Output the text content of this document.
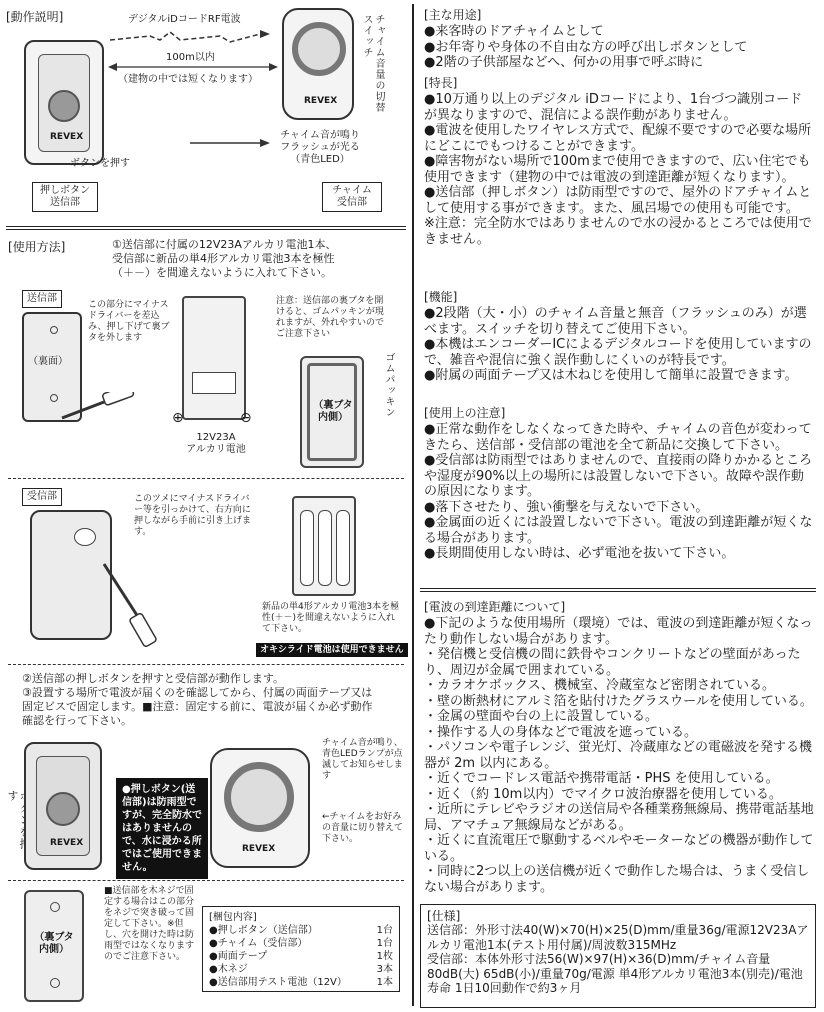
[動作説明]
REVEX
REVEX	チャイム音量の切替スイッチ
デジタルiDコードRF電波
100m以内
（建物の中では短くなります）
チャイム音が鳴り
フラッシュが光る
（青色LED）
ボタンを押す
押しボタン
送信部
チャイム
受信部
[使用方法]	①送信部に付属の12V23Aアルカリ電池1本、
受信部に新品の単4形アルカリ電池3本を極性
（＋－）を間違えないように入れて下さい。
送信部
（裏面）
この部分にマイナスドライバーを差込み、押し下げて裏ブタを外します
⊕	⊖
12V23A
アルカリ電池
注意：送信部の裏ブタを開けると、ゴムパッキンが現れますが、外れやすいのでご注意下さい
ゴムパッキン
（裏ブタ
内側）
受信部	このツメにマイナスドライバー等を引っかけて、右方向に押しながら手前に引き上げます。
新品の単4形アルカリ電池3本を極性(＋－)を間違えないように入れて下さい。
オキシライド電池は使用できません
②送信部の押しボタンを押すと受信部が動作します。
③設置する場所で電波が届くのを確認してから、付属の両面テープ又は
固定ビスで固定します。■注意：固定する前に、電波が届くか必ず動作
確認を行って下さい。
す
REVEX
●押しボタン(送信部)は防雨型ですが、完全防水ではありませんので、水に浸かる所ではご使用できません。
REVEX
チャイム音が鳴り、青色LEDランプが点滅してお知らせします
←チャイムをお好みの音量に切り替えて下さい。
（裏ブタ
内側）
■送信部を木ネジで固定する場合はこの部分をネジで突き破って固定して下さい。※但し、穴を開けた時は防雨型ではなくなりますのでご注意下さい。
[梱包内容]
●押しボタン（送信部）	1台
●チャイム（受信部）	1台
●両面テープ	1枚
●木ネジ	3本
●送信部用テスト電池（12V）	1本
[主な用途]

●来客時のドアチャイムとして

●お年寄りや身体の不自由な方の呼び出しボタンとして

●2階の子供部屋などへ、何かの用事で呼ぶ時に

[特長]

●10万通り以上のデジタル iDコードにより、1台づつ識別コードが異なりますので、混信による誤作動がありません。

●電波を使用したワイヤレス方式で、配線不要ですので必要な場所にどこにでもつけることができます。

●障害物がない場所で100mまで使用できますので、広い住宅でも使用できます（建物の中では電波の到達距離が短くなります）。

●送信部（押しボタン）は防雨型ですので、屋外のドアチャイムとして使用する事ができます。また、風呂場での使用も可能です。

※注意：完全防水ではありませんので水の浸かるところでは使用できません。

[機能]

●2段階（大・小）のチャイム音量と無音（フラッシュのみ）が選べます。スイッチを切り替えてご使用下さい。

●本機はエンコーダーICによるデジタルコードを使用していますので、雑音や混信に強く誤作動しにくいのが特長です。

●附属の両面テープ又は木ねじを使用して簡単に設置できます。

[使用上の注意]

●正常な動作をしなくなってきた時や、チャイムの音色が変わってきたら、送信部・受信部の電池を全て新品に交換して下さい。

●受信部は防雨型ではありませんので、直接雨の降りかかるところや湿度が90%以上の場所には設置しないで下さい。故障や誤作動の原因になります。

●落下させたり、強い衝撃を与えないで下さい。

●金属面の近くには設置しないで下さい。電波の到達距離が短くなる場合があります。

●長期間使用しない時は、必ず電池を抜いて下さい。

[電波の到達距離について]

●下記のような使用場所（環境）では、電波の到達距離が短くなったり動作しない場合があります。

・発信機と受信機の間に鉄骨やコンクリートなどの壁面があったり、周辺が金属で囲まれている。

・カラオケボックス、機械室、冷蔵室など密閉されている。

・壁の断熱材にアルミ箔を貼付けたグラスウールを使用している。

・金属の壁面や台の上に設置している。

・操作する人の身体などで電波を遮っている。

・パソコンや電子レンジ、蛍光灯、冷蔵庫などの電磁波を発する機器が 2m 以内にある。

・近くでコードレス電話や携帯電話・PHS を使用している。

・近く（約 10m以内）でマイクロ波治療器を使用している。

・近所にテレビやラジオの送信局や各種業務無線局、携帯電話基地局、アマチュア無線局などがある。

・近くに直流電圧で駆動するベルやモーターなどの機器が動作している。

・同時に2つ以上の送信機が近くで動作した場合は、うまく受信しない場合があります。

[仕様]

送信部：外形寸法40(W)×70(H)×25(D)mm/重量36g/電源12V23Aアルカリ電池1本(テスト用付属)/周波数315MHz

受信部：本体外形寸法56(W)×97(H)×36(D)mm/チャイム音量80dB(大) 65dB(小)/重量70g/電源 単4形アルカリ電池3本(別売)/電池寿命 1日10回動作で約3ヶ月
